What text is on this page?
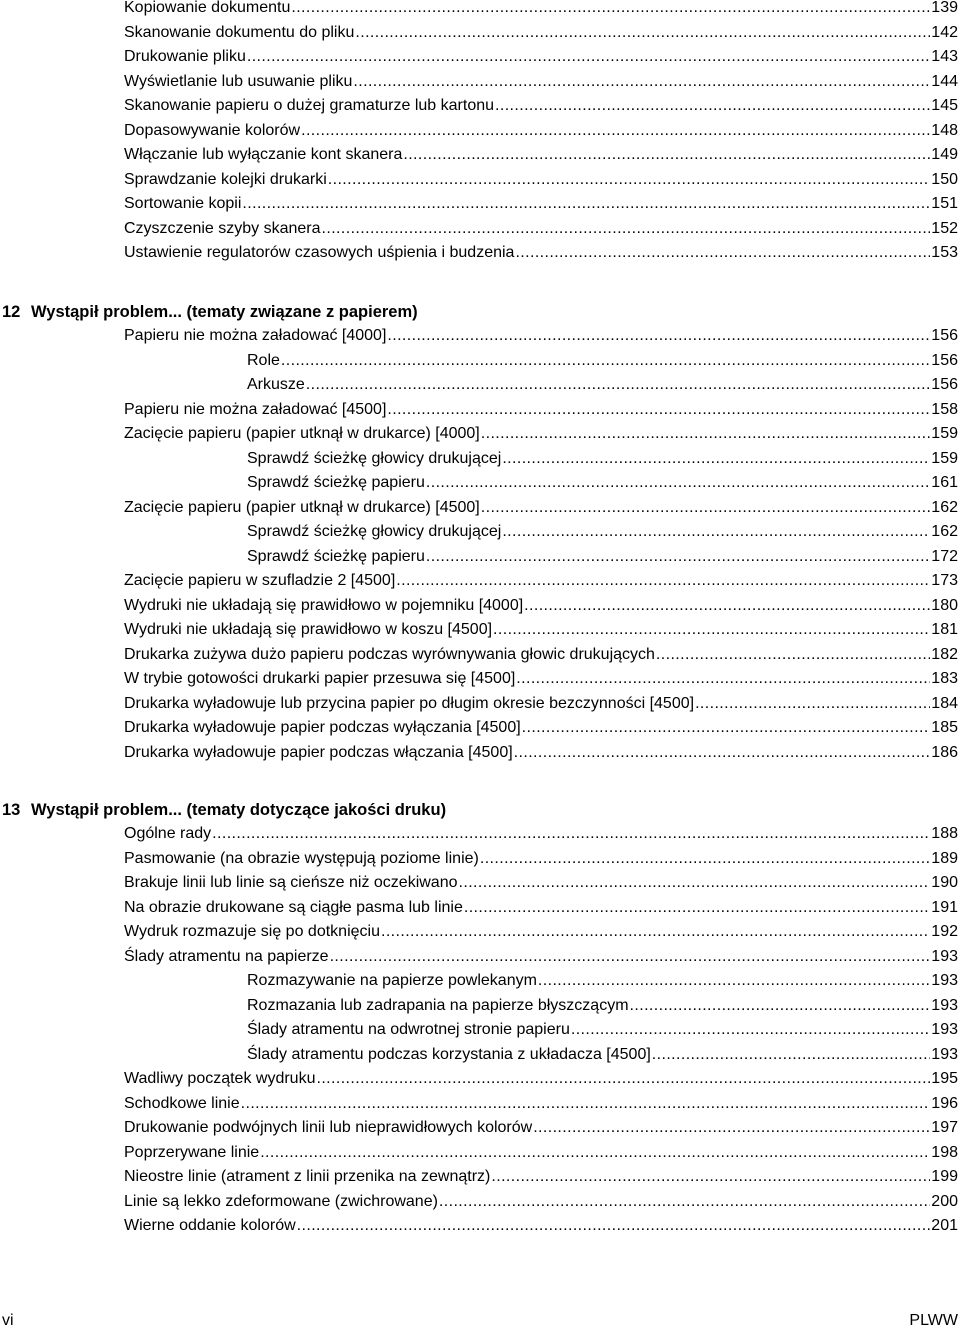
Kopiowanie dokumentu .....	139
Skanowanie dokumentu do pliku .....	142
Drukowanie pliku .....	143
Wyświetlanie lub usuwanie pliku .....	144
Skanowanie papieru o dużej gramaturze lub kartonu .....	145
Dopasowywanie kolorów .....	148
Włączanie lub wyłączanie kont skanera .....	149
Sprawdzanie kolejki drukarki .....	150
Sortowanie kopii .....	151
Czyszczenie szyby skanera .....	152
Ustawienie regulatorów czasowych uśpienia i budzenia .....	153
12 Wystąpił problem... (tematy związane z papierem)
Papieru nie można załadować [4000] .....	156
Role .....	156
Arkusze .....	156
Papieru nie można załadować [4500] .....	158
Zacięcie papieru (papier utknął w drukarce) [4000] .....	159
Sprawdź ścieżkę głowicy drukującej .....	159
Sprawdź ścieżkę papieru .....	161
Zacięcie papieru (papier utknął w drukarce) [4500] .....	162
Sprawdź ścieżkę głowicy drukującej .....	162
Sprawdź ścieżkę papieru .....	172
Zacięcie papieru w szufladzie 2 [4500] .....	173
Wydruki nie układają się prawidłowo w pojemniku [4000] .....	180
Wydruki nie układają się prawidłowo w koszu [4500] .....	181
Drukarka zużywa dużo papieru podczas wyrównywania głowic drukujących .....	182
W trybie gotowości drukarki papier przesuwa się [4500] .....	183
Drukarka wyładowuje lub przycina papier po długim okresie bezczynności [4500] .....	184
Drukarka wyładowuje papier podczas wyłączania [4500] .....	185
Drukarka wyładowuje papier podczas włączania [4500] .....	186
13 Wystąpił problem... (tematy dotyczące jakości druku)
Ogólne rady .....	188
Pasmowanie (na obrazie występują poziome linie) .....	189
Brakuje linii lub linie są cieńsze niż oczekiwano .....	190
Na obrazie drukowane są ciągłe pasma lub linie .....	191
Wydruk rozmazuje się po dotknięciu .....	192
Ślady atramentu na papierze .....	193
Rozmazywanie na papierze powlekanym .....	193
Rozmazania lub zadrapania na papierze błyszczącym .....	193
Ślady atramentu na odwrotnej stronie papieru .....	193
Ślady atramentu podczas korzystania z układacza [4500] .....	193
Wadliwy początek wydruku .....	195
Schodkowe linie .....	196
Drukowanie podwójnych linii lub nieprawidłowych kolorów .....	197
Poprzerywane linie .....	198
Nieostre linie (atrament z linii przenika na zewnątrz) .....	199
Linie są lekko zdeformowane (zwichrowane) .....	200
Wierne oddanie kolorów .....	201
vi	PLWW
